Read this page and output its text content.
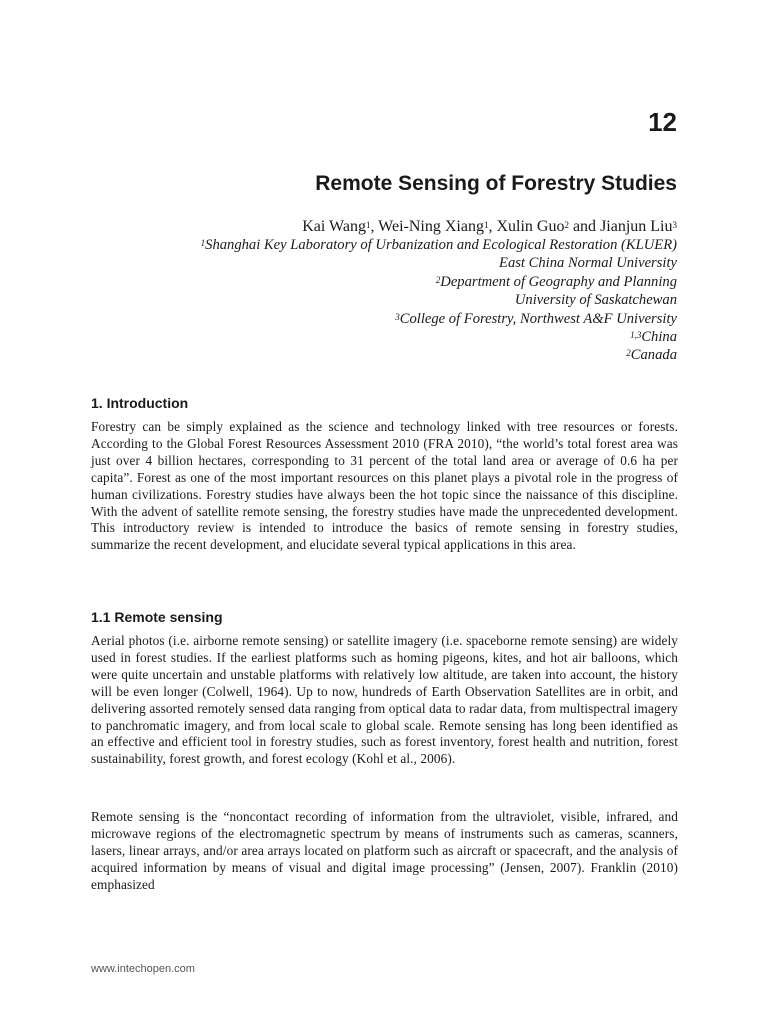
12
Remote Sensing of Forestry Studies
Kai Wang$^1$, Wei-Ning Xiang$^1$, Xulin Guo$^2$ and Jianjun Liu$^3$
$^1$Shanghai Key Laboratory of Urbanization and Ecological Restoration (KLUER)
East China Normal University
$^2$Department of Geography and Planning
University of Saskatchewan
$^3$College of Forestry, Northwest A&F University
$^{1,3}$China
$^2$Canada
1. Introduction

Forestry can be simply explained as the science and technology linked with tree resources or forests. According to the Global Forest Resources Assessment 2010 (FRA 2010), “the world’s total forest area was just over 4 billion hectares, corresponding to 31 percent of the total land area or average of 0.6 ha per capita”. Forest as one of the most important resources on this planet plays a pivotal role in the progress of human civilizations. Forestry studies have always been the hot topic since the naissance of this discipline. With the advent of satellite remote sensing, the forestry studies have made the unprecedented development. This introductory review is intended to introduce the basics of remote sensing in forestry studies, summarize the recent development, and elucidate several typical applications in this area.

1.1 Remote sensing

Aerial photos (i.e. airborne remote sensing) or satellite imagery (i.e. spaceborne remote sensing) are widely used in forest studies. If the earliest platforms such as homing pigeons, kites, and hot air balloons, which were quite uncertain and unstable platforms with relatively low altitude, are taken into account, the history will be even longer (Colwell, 1964). Up to now, hundreds of Earth Observation Satellites are in orbit, and delivering assorted remotely sensed data ranging from optical data to radar data, from multispectral imagery to panchromatic imagery, and from local scale to global scale. Remote sensing has long been identified as an effective and efficient tool in forestry studies, such as forest inventory, forest health and nutrition, forest sustainability, forest growth, and forest ecology (Kohl et al., 2006).

Remote sensing is the “noncontact recording of information from the ultraviolet, visible, infrared, and microwave regions of the electromagnetic spectrum by means of instruments such as cameras, scanners, lasers, linear arrays, and/or area arrays located on platform such as aircraft or spacecraft, and the analysis of acquired information by means of visual and digital image processing” (Jensen, 2007). Franklin (2010) emphasized

www.intechopen.com
